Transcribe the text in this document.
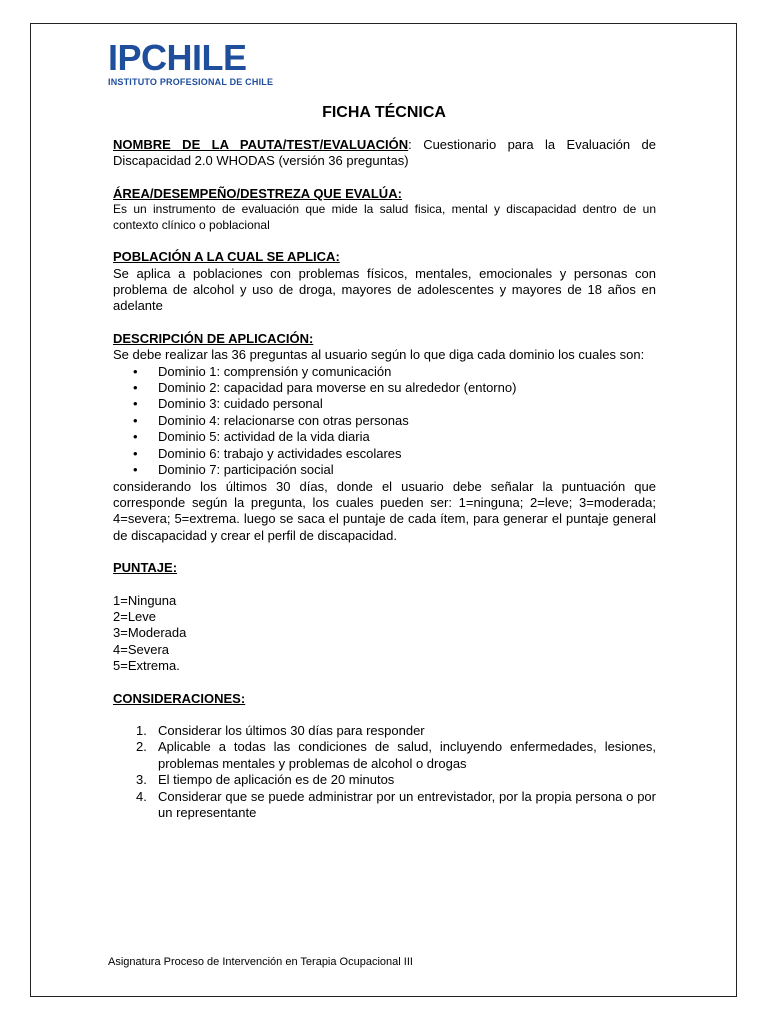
IPCHILE
INSTITUTO PROFESIONAL DE CHILE
FICHA TÉCNICA

NOMBRE DE LA PAUTA/TEST/EVALUACIÓN: Cuestionario para la Evaluación de Discapacidad 2.0 WHODAS (versión 36 preguntas)

ÁREA/DESEMPEÑO/DESTREZA QUE EVALÚA:

Es un instrumento de evaluación que mide la salud fisica, mental y discapacidad dentro de un contexto clínico o poblacional

POBLACIÓN A LA CUAL SE APLICA:

Se aplica a poblaciones con problemas físicos, mentales, emocionales y personas con problema de alcohol y uso de droga, mayores de adolescentes y mayores de 18 años en adelante

DESCRIPCIÓN DE APLICACIÓN:

Se debe realizar las 36 preguntas al usuario según lo que diga cada dominio los cuales son:

• Dominio 1: comprensión y comunicación
• Dominio 2: capacidad para moverse en su alrededor (entorno)
• Dominio 3: cuidado personal
• Dominio 4: relacionarse con otras personas
• Dominio 5: actividad de la vida diaria
• Dominio 6: trabajo y actividades escolares
• Dominio 7: participación social

considerando los últimos 30 días, donde el usuario debe señalar la puntuación que corresponde según la pregunta, los cuales pueden ser: 1=ninguna; 2=leve; 3=moderada; 4=severa; 5=extrema. luego se saca el puntaje de cada ítem, para generar el puntaje general de discapacidad y crear el perfil de discapacidad.

PUNTAJE:

1=Ninguna

2=Leve

3=Moderada

4=Severa

5=Extrema.

CONSIDERACIONES:

1. Considerar los últimos 30 días para responder
2. Aplicable a todas las condiciones de salud, incluyendo enfermedades, lesiones, problemas mentales y problemas de alcohol o drogas
3. El tiempo de aplicación es de 20 minutos
4. Considerar que se puede administrar por un entrevistador, por la propia persona o por un representante
Asignatura Proceso de Intervención en Terapia Ocupacional III
